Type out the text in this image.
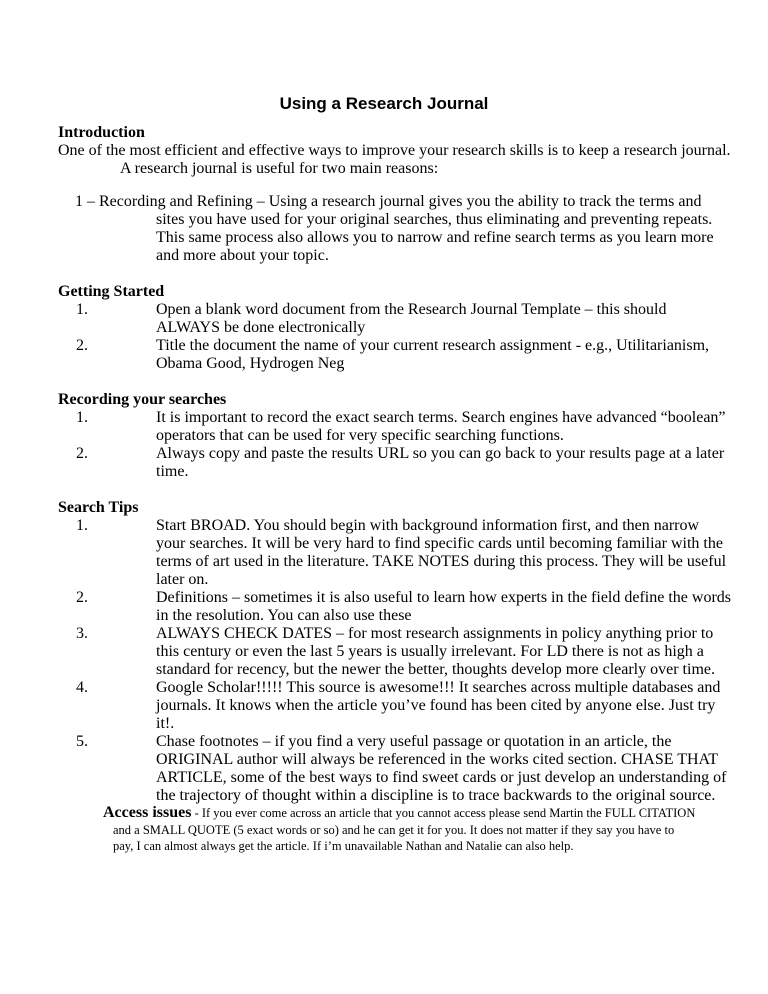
Using a Research Journal
Introduction
One of the most efficient and effective ways to improve your research skills is to keep a research journal.
A research journal is useful for two main reasons:
1 – Recording and Refining – Using a research journal gives you the ability to track the terms and
sites you have used for your original searches, thus eliminating and preventing repeats.
This same process also allows you to narrow and refine search terms as you learn more
and more about your topic.
Getting Started
1.	Open a blank word document from the Research Journal Template – this should
ALWAYS be done electronically
2.	Title the document the name of your current research assignment - e.g., Utilitarianism,
Obama Good, Hydrogen Neg
Recording your searches
1.	It is important to record the exact search terms. Search engines have advanced “boolean”
operators that can be used for very specific searching functions.
2.	Always copy and paste the results URL so you can go back to your results page at a later
time.
Search Tips
1.	Start BROAD. You should begin with background information first, and then narrow
your searches. It will be very hard to find specific cards until becoming familiar with the
terms of art used in the literature. TAKE NOTES during this process. They will be useful
later on.
2.	Definitions – sometimes it is also useful to learn how experts in the field define the words
in the resolution. You can also use these
3.	ALWAYS CHECK DATES – for most research assignments in policy anything prior to
this century or even the last 5 years is usually irrelevant. For LD there is not as high a
standard for recency, but the newer the better, thoughts develop more clearly over time.
4.	Google Scholar!!!!! This source is awesome!!! It searches across multiple databases and
journals. It knows when the article you’ve found has been cited by anyone else. Just try
it!.
5.	Chase footnotes – if you find a very useful passage or quotation in an article, the
ORIGINAL author will always be referenced in the works cited section. CHASE THAT
ARTICLE, some of the best ways to find sweet cards or just develop an understanding of
the trajectory of thought within a discipline is to trace backwards to the original source.
Access issues - If you ever come across an article that you cannot access please send Martin the FULL CITATION
and a SMALL QUOTE (5 exact words or so) and he can get it for you. It does not matter if they say you have to
pay, I can almost always get the article. If i’m unavailable Nathan and Natalie can also help.
